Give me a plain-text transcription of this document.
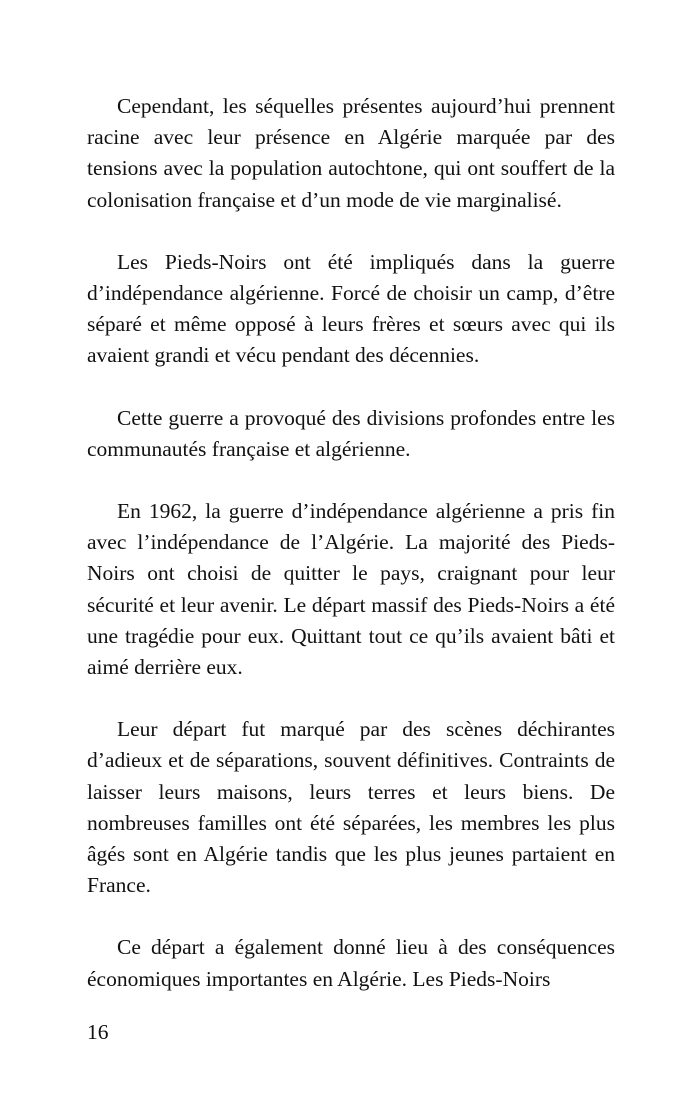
Cependant, les séquelles présentes aujourd’hui prennent racine avec leur présence en Algérie marquée par des tensions avec la population autochtone, qui ont souffert de la colonisation française et d’un mode de vie marginalisé.

Les Pieds-Noirs ont été impliqués dans la guerre d’indépendance algérienne. Forcé de choisir un camp, d’être séparé et même opposé à leurs frères et sœurs avec qui ils avaient grandi et vécu pendant des décennies.

Cette guerre a provoqué des divisions profondes entre les communautés française et algérienne.

En 1962, la guerre d’indépendance algérienne a pris fin avec l’indépendance de l’Algérie. La majorité des Pieds-Noirs ont choisi de quitter le pays, craignant pour leur sécurité et leur avenir. Le départ massif des Pieds-Noirs a été une tragédie pour eux. Quittant tout ce qu’ils avaient bâti et aimé derrière eux.

Leur départ fut marqué par des scènes déchirantes d’adieux et de séparations, souvent définitives. Contraints de laisser leurs maisons, leurs terres et leurs biens. De nombreuses familles ont été séparées, les membres les plus âgés sont en Algérie tandis que les plus jeunes partaient en France.

Ce départ a également donné lieu à des conséquences économiques importantes en Algérie. Les Pieds-Noirs

16
